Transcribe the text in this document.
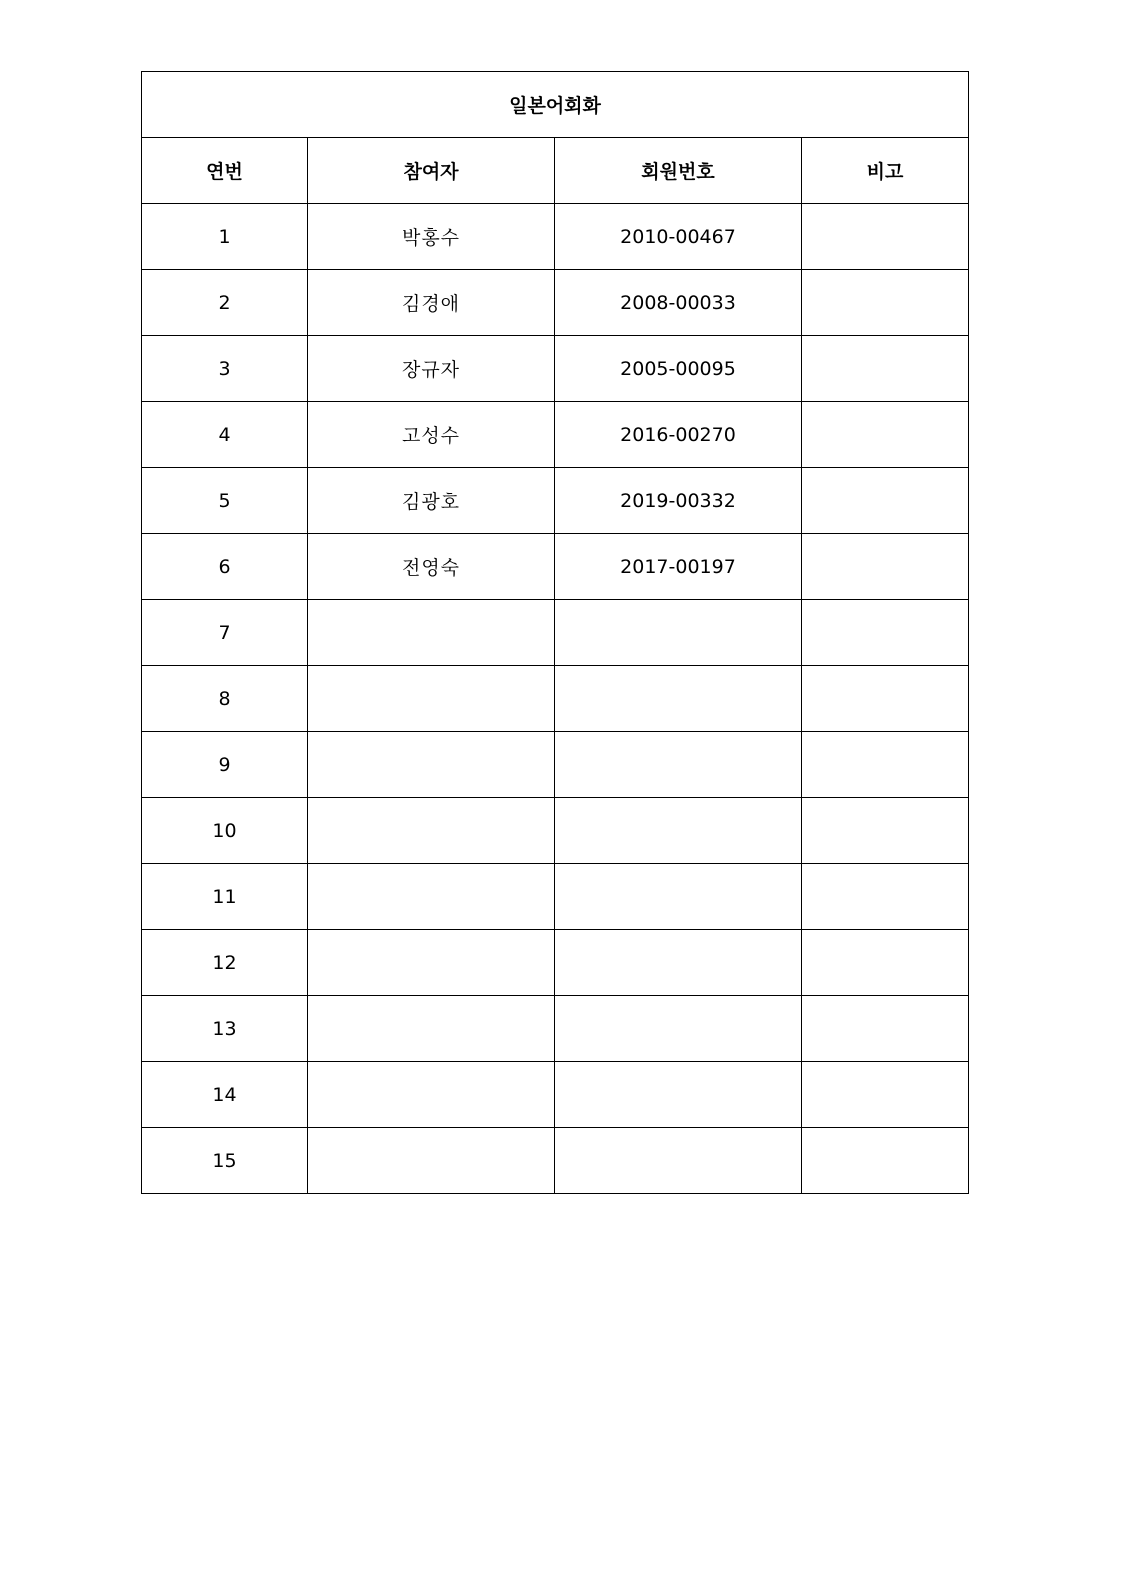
일본어회화			
연번	참여자	회원번호	비고
1	박홍수	2010-00467	
2	김경애	2008-00033	
3	장규자	2005-00095	
4	고성수	2016-00270	
5	김광호	2019-00332	
6	전영숙	2017-00197	
7			
8			
9			
10			
11			
12			
13			
14			
15			
